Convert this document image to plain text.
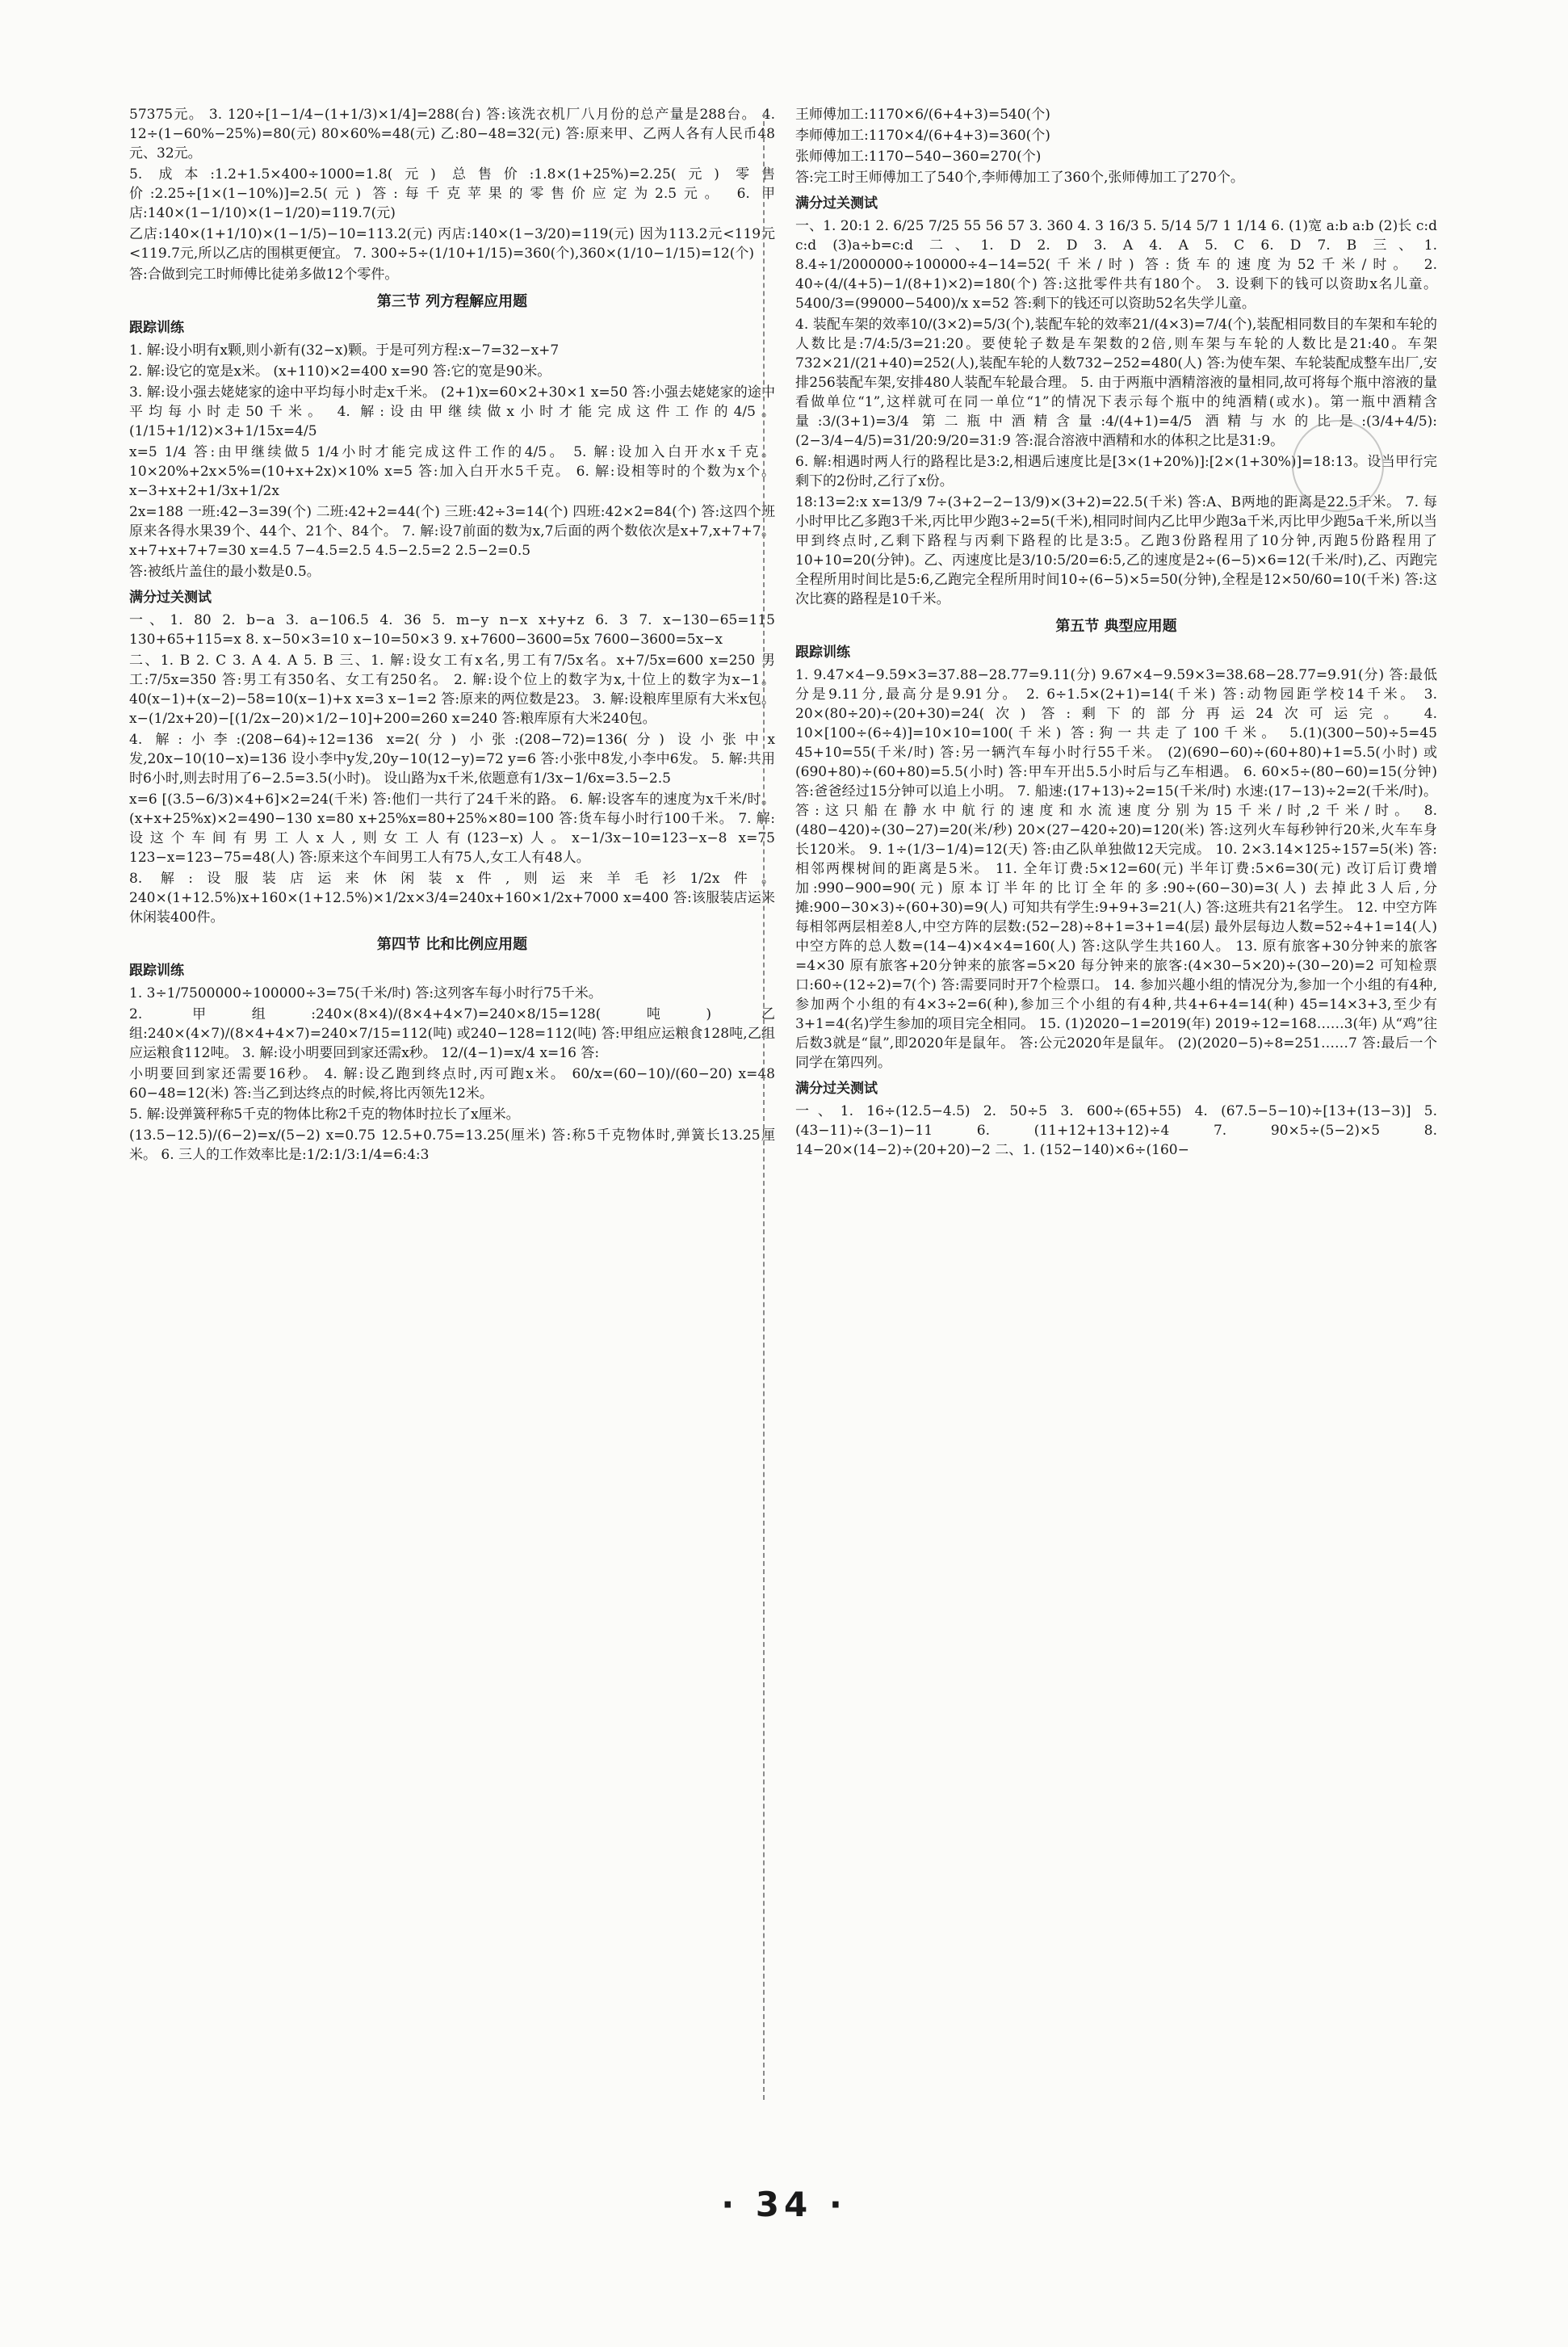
57375元。 3. 120÷[1−1/4−(1+1/3)×1/4]=288(台) 答:该洗衣机厂八月份的总产量是288台。 4. 12÷(1−60%−25%)=80(元) 80×60%=48(元) 乙:80−48=32(元) 答:原来甲、乙两人各有人民币48元、32元。

5. 成本:1.2+1.5×400÷1000=1.8(元) 总售价:1.8×(1+25%)=2.25(元) 零售价:2.25÷[1×(1−10%)]=2.5(元) 答:每千克苹果的零售价应定为2.5元。 6. 甲店:140×(1−1/10)×(1−1/20)=119.7(元)

乙店:140×(1+1/10)×(1−1/5)−10=113.2(元) 丙店:140×(1−3/20)=119(元) 因为113.2元<119元<119.7元,所以乙店的围棋更便宜。 7. 300÷5÷(1/10+1/15)=360(个),360×(1/10−1/15)=12(个)

答:合做到完工时师傅比徒弟多做12个零件。

第三节 列方程解应用题
跟踪训练

1. 解:设小明有x颗,则小新有(32−x)颗。于是可列方程:x−7=32−x+7

2. 解:设它的宽是x米。 (x+110)×2=400 x=90 答:它的宽是90米。

3. 解:设小强去姥姥家的途中平均每小时走x千米。 (2+1)x=60×2+30×1 x=50 答:小强去姥姥家的途中平均每小时走50千米。 4. 解:设由甲继续做x小时才能完成这件工作的4/5。 (1/15+1/12)×3+1/15x=4/5

x=5 1/4 答:由甲继续做5 1/4小时才能完成这件工作的4/5。 5. 解:设加入白开水x千克。10×20%+2x×5%=(10+x+2x)×10% x=5 答:加入白开水5千克。 6. 解:设相等时的个数为x个。 x−3+x+2+1/3x+1/2x

2x=188 一班:42−3=39(个) 二班:42+2=44(个) 三班:42÷3=14(个) 四班:42×2=84(个) 答:这四个班原来各得水果39个、44个、21个、84个。 7. 解:设7前面的数为x,7后面的两个数依次是x+7,x+7+7。x+7+x+7+7=30 x=4.5 7−4.5=2.5 4.5−2.5=2 2.5−2=0.5

答:被纸片盖住的最小数是0.5。

满分过关测试

一、1. 80 2. b−a 3. a−106.5 4. 36 5. m−y n−x x+y+z 6. 3 7. x−130−65=115 130+65+115=x 8. x−50×3=10 x−10=50×3 9. x+7600−3600=5x 7600−3600=5x−x

二、1. B 2. C 3. A 4. A 5. B 三、1. 解:设女工有x名,男工有7/5x名。x+7/5x=600 x=250 男工:7/5x=350 答:男工有350名、女工有250名。 2. 解:设个位上的数字为x,十位上的数字为x−1。 40(x−1)+(x−2)−58=10(x−1)+x x=3 x−1=2 答:原来的两位数是23。 3. 解:设粮库里原有大米x包。 x−(1/2x+20)−[(1/2x−20)×1/2−10]+200=260 x=240 答:粮库原有大米240包。

4. 解:小李:(208−64)÷12=136 x=2(分) 小张:(208−72)=136(分) 设小张中x发,20x−10(10−x)=136 设小李中y发,20y−10(12−y)=72 y=6 答:小张中8发,小李中6发。 5. 解:共用时6小时,则去时用了6−2.5=3.5(小时)。 设山路为x千米,依题意有1/3x−1/6x=3.5−2.5

x=6 [(3.5−6/3)×4+6]×2=24(千米) 答:他们一共行了24千米的路。 6. 解:设客车的速度为x千米/时。 (x+x+25%x)×2=490−130 x=80 x+25%x=80+25%×80=100 答:货车每小时行100千米。 7. 解:设这个车间有男工人x人,则女工人有(123−x)人。x−1/3x−10=123−x−8 x=75 123−x=123−75=48(人) 答:原来这个车间男工人有75人,女工人有48人。

8. 解:设服装店运来休闲装x件,则运来羊毛衫1/2x件。240×(1+12.5%)x+160×(1+12.5%)×1/2x×3/4=240x+160×1/2x+7000 x=400 答:该服装店运来休闲装400件。

第四节 比和比例应用题
跟踪训练

1. 3÷1/7500000÷100000÷3=75(千米/时) 答:这列客车每小时行75千米。

2. 甲组:240×(8×4)/(8×4+4×7)=240×8/15=128(吨) 乙组:240×(4×7)/(8×4+4×7)=240×7/15=112(吨) 或240−128=112(吨) 答:甲组应运粮食128吨,乙组应运粮食112吨。 3. 解:设小明要回到家还需x秒。 12/(4−1)=x/4 x=16 答:

小明要回到家还需要16秒。 4. 解:设乙跑到终点时,丙可跑x米。 60/x=(60−10)/(60−20) x=48 60−48=12(米) 答:当乙到达终点的时候,将比丙领先12米。

5. 解:设弹簧秤称5千克的物体比称2千克的物体时拉长了x厘米。

(13.5−12.5)/(6−2)=x/(5−2) x=0.75 12.5+0.75=13.25(厘米) 答:称5千克物体时,弹簧长13.25厘米。 6. 三人的工作效率比是:1/2:1/3:1/4=6:4:3

王师傅加工:1170×6/(6+4+3)=540(个)

李师傅加工:1170×4/(6+4+3)=360(个)

张师傅加工:1170−540−360=270(个)

答:完工时王师傅加工了540个,李师傅加工了360个,张师傅加工了270个。

满分过关测试

一、1. 20:1 2. 6/25 7/25 55 56 57 3. 360 4. 3 16/3 5. 5/14 5/7 1 1/14 6. (1)宽 a:b a:b (2)长 c:d c:d (3)a÷b=c:d 二、1. D 2. D 3. A 4. A 5. C 6. D 7. B 三、1. 8.4÷1/2000000÷100000÷4−14=52(千米/时) 答:货车的速度为52千米/时。 2. 40÷(4/(4+5)−1/(8+1)×2)=180(个) 答:这批零件共有180个。 3. 设剩下的钱可以资助x名儿童。 5400/3=(99000−5400)/x x=52 答:剩下的钱还可以资助52名失学儿童。

4. 装配车架的效率10/(3×2)=5/3(个),装配车轮的效率21/(4×3)=7/4(个),装配相同数目的车架和车轮的人数比是:7/4:5/3=21:20。要使轮子数是车架数的2倍,则车架与车轮的人数比是21:40。车架732×21/(21+40)=252(人),装配车轮的人数732−252=480(人) 答:为使车架、车轮装配成整车出厂,安排256装配车架,安排480人装配车轮最合理。 5. 由于两瓶中酒精溶液的量相同,故可将每个瓶中溶液的量看做单位“1”,这样就可在同一单位“1”的情况下表示每个瓶中的纯酒精(或水)。第一瓶中酒精含量:3/(3+1)=3/4 第二瓶中酒精含量:4/(4+1)=4/5 酒精与水的比是:(3/4+4/5):(2−3/4−4/5)=31/20:9/20=31:9 答:混合溶液中酒精和水的体积之比是31:9。

6. 解:相遇时两人行的路程比是3:2,相遇后速度比是[3×(1+20%)]:[2×(1+30%)]=18:13。设当甲行完剩下的2份时,乙行了x份。

18:13=2:x x=13/9 7÷(3+2−2−13/9)×(3+2)=22.5(千米) 答:A、B两地的距离是22.5千米。 7. 每小时甲比乙多跑3千米,丙比甲少跑3÷2=5(千米),相同时间内乙比甲少跑3a千米,丙比甲少跑5a千米,所以当甲到终点时,乙剩下路程与丙剩下路程的比是3:5。乙跑3份路程用了10分钟,丙跑5份路程用了10+10=20(分钟)。乙、丙速度比是3/10:5/20=6:5,乙的速度是2÷(6−5)×6=12(千米/时),乙、丙跑完全程所用时间比是5:6,乙跑完全程所用时间10÷(6−5)×5=50(分钟),全程是12×50/60=10(千米) 答:这次比赛的路程是10千米。

第五节 典型应用题
跟踪训练

1. 9.47×4−9.59×3=37.88−28.77=9.11(分) 9.67×4−9.59×3=38.68−28.77=9.91(分) 答:最低分是9.11分,最高分是9.91分。 2. 6÷1.5×(2+1)=14(千米) 答:动物园距学校14千米。 3. 20×(80÷20)÷(20+30)=24(次) 答:剩下的部分再运24次可运完。 4. 10×[100÷(6÷4)]=10×10=100(千米) 答:狗一共走了100千米。 5.(1)(300−50)÷5=45 45+10=55(千米/时) 答:另一辆汽车每小时行55千米。 (2)(690−60)÷(60+80)+1=5.5(小时) 或(690+80)÷(60+80)=5.5(小时) 答:甲车开出5.5小时后与乙车相遇。 6. 60×5÷(80−60)=15(分钟) 答:爸爸经过15分钟可以追上小明。 7. 船速:(17+13)÷2=15(千米/时) 水速:(17−13)÷2=2(千米/时)。 答:这只船在静水中航行的速度和水流速度分别为15千米/时,2千米/时。 8. (480−420)÷(30−27)=20(米/秒) 20×(27−420÷20)=120(米) 答:这列火车每秒钟行20米,火车车身长120米。 9. 1÷(1/3−1/4)=12(天) 答:由乙队单独做12天完成。 10. 2×3.14×125÷157=5(米) 答:相邻两棵树间的距离是5米。 11. 全年订费:5×12=60(元) 半年订费:5×6=30(元) 改订后订费增加:990−900=90(元) 原本订半年的比订全年的多:90÷(60−30)=3(人) 去掉此3人后,分摊:900−30×3)÷(60+30)=9(人) 可知共有学生:9+9+3=21(人) 答:这班共有21名学生。 12. 中空方阵每相邻两层相差8人,中空方阵的层数:(52−28)÷8+1=3+1=4(层) 最外层每边人数=52÷4+1=14(人) 中空方阵的总人数=(14−4)×4×4=160(人) 答:这队学生共160人。 13. 原有旅客+30分钟来的旅客=4×30 原有旅客+20分钟来的旅客=5×20 每分钟来的旅客:(4×30−5×20)÷(30−20)=2 可知检票口:60÷(12÷2)=7(个) 答:需要同时开7个检票口。 14. 参加兴趣小组的情况分为,参加一个小组的有4种,参加两个小组的有4×3÷2=6(种),参加三个小组的有4种,共4+6+4=14(种) 45=14×3+3,至少有3+1=4(名)学生参加的项目完全相同。 15. (1)2020−1=2019(年) 2019÷12=168……3(年) 从“鸡”往后数3就是“鼠”,即2020年是鼠年。 答:公元2020年是鼠年。 (2)(2020−5)÷8=251……7 答:最后一个同学在第四列。

满分过关测试

一、1. 16÷(12.5−4.5) 2. 50÷5 3. 600÷(65+55) 4. (67.5−5−10)÷[13+(13−3)] 5. (43−11)÷(3−1)−11 6. (11+12+13+12)÷4 7. 90×5÷(5−2)×5 8. 14−20×(14−2)÷(20+20)−2 二、1. (152−140)×6÷(160−

· 34 ·
